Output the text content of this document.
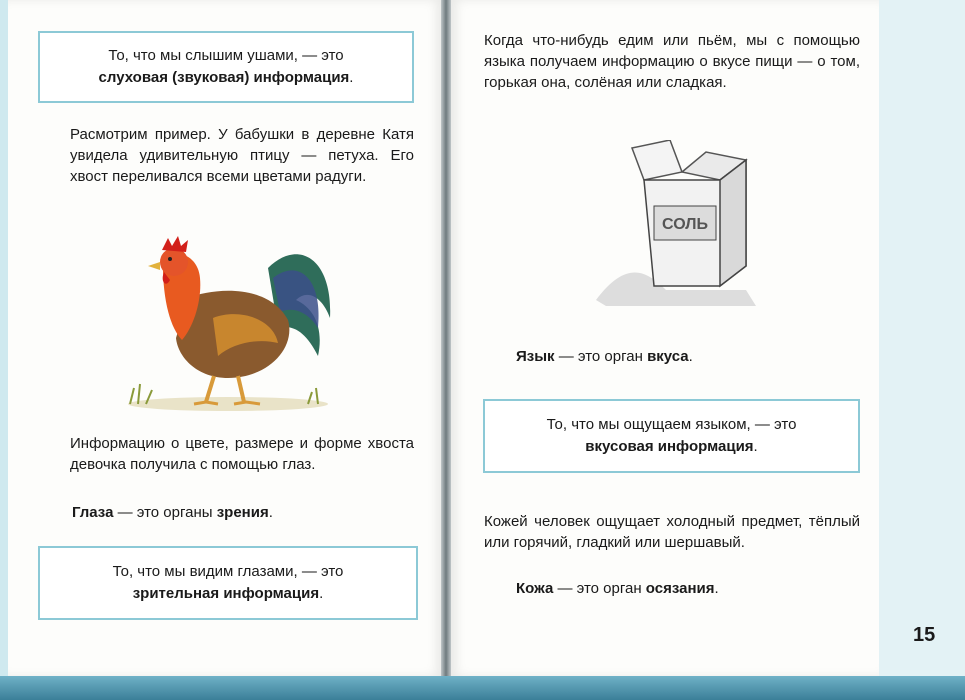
То, что мы слышим ушами, — это
слуховая (звуковая) информация.
Расмотрим пример. У бабушки в деревне Катя увидела удивительную птицу — петуха. Его хвост переливался всеми цветами радуги.
Информацию о цвете, размере и форме хвоста девочка получила с помощью глаз.
Глаза — это органы зрения.
То, что мы видим глазами, — это
зрительная информация.
Когда что-нибудь едим или пьём, мы с помощью языка получаем информацию о вкусе пищи — о том, горькая она, солёная или сладкая.
СОЛЬ
Язык — это орган вкуса.
То, что мы ощущаем языком, — это
вкусовая информация.
Кожей человек ощущает холодный предмет, тёплый или горячий, гладкий или шершавый.
Кожа — это орган осязания.
15
